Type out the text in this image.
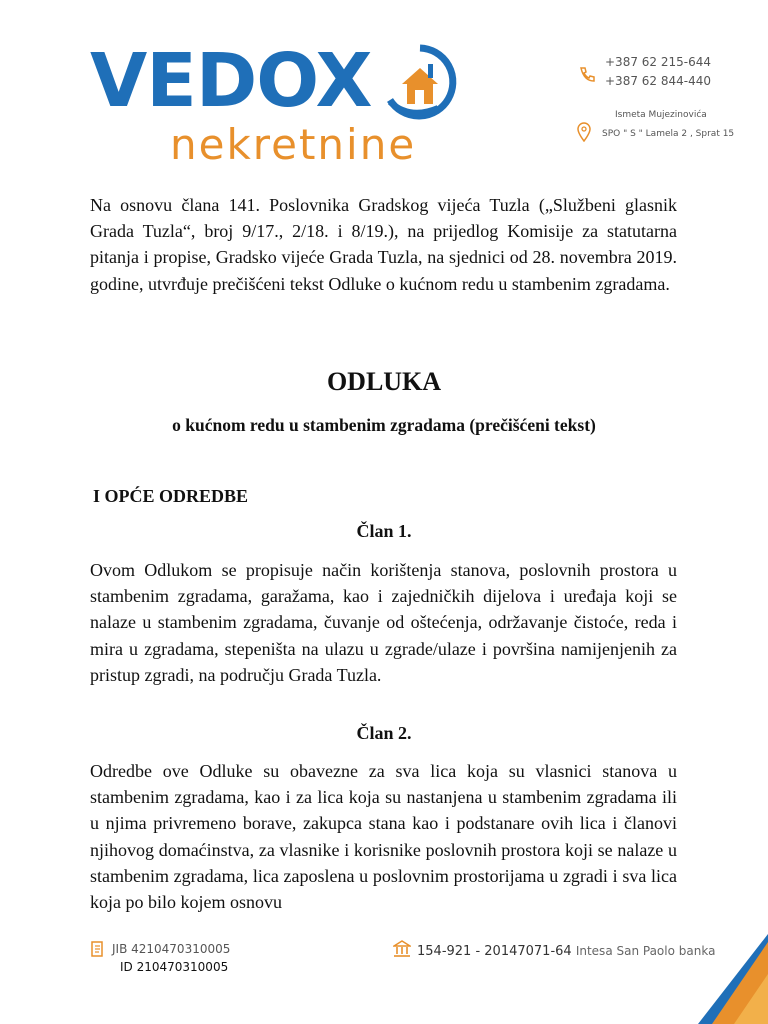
VEDOX
nekretnine
+387 62 215-644
+387 62 844-440
Ismeta Mujezinovića
SPO " S " Lamela 2 , Sprat 15
Na osnovu člana 141. Poslovnika Gradskog vijeća Tuzla („Službeni glasnik Grada Tuzla“, broj 9/17., 2/18. i 8/19.), na prijedlog Komisije za statutarna pitanja i propise, Gradsko vijeće Grada Tuzla, na sjednici od 28. novembra 2019. godine, utvrđuje prečišćeni tekst Odluke o kućnom redu u stambenim zgradama.
ODLUKA
o kućnom redu u stambenim zgradama (prečišćeni tekst)
I OPĆE ODREDBE
Član 1.
Ovom Odlukom se propisuje način korištenja stanova, poslovnih prostora u stambenim zgradama, garažama, kao i zajedničkih dijelova i uređaja koji se nalaze u stambenim zgradama, čuvanje od oštećenja, održavanje čistoće, reda i mira u zgradama, stepeništa na ulazu u zgrade/ulaze i površina namijenjenih za pristup zgradi, na području Grada Tuzla.
Član 2.
Odredbe ove Odluke su obavezne za sva lica koja su vlasnici stanova u stambenim zgradama, kao i za lica koja su nastanjena u stambenim zgradama ili u njima privremeno borave, zakupca stana kao i podstanare ovih lica i članovi njihovog domaćinstva, za vlasnike i korisnike poslovnih prostora koji se nalaze u stambenim zgradama, lica zaposlena u poslovnim prostorijama u zgradi i sva lica koja po bilo kojem osnovu
JIB 4210470310005
ID 210470310005
154-921 - 20147071-64 Intesa San Paolo banka
